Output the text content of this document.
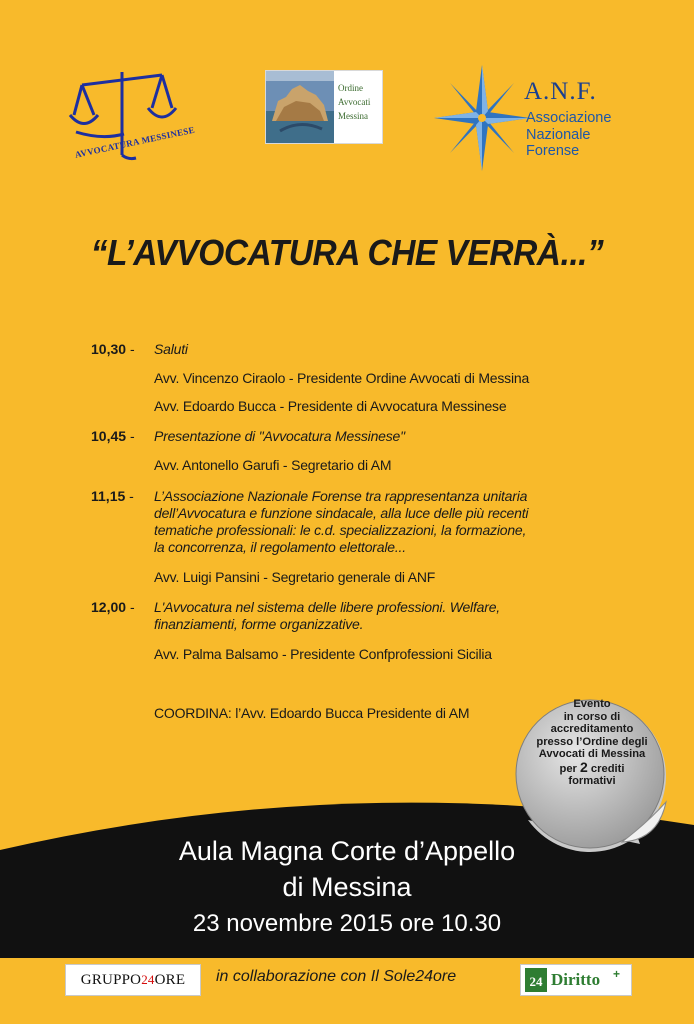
AVVOCATURA MESSINESE
Ordine
Avvocati
Messina
A.N.F.
Associazione
Nazionale
Forense
“L’AVVOCATURA CHE VERRÀ...”
10,30 - Saluti
Avv. Vincenzo Ciraolo - Presidente Ordine Avvocati di Messina
Avv. Edoardo Bucca - Presidente di Avvocatura Messinese
10,45 - Presentazione di "Avvocatura Messinese"
Avv. Antonello Garufi - Segretario di AM
11,15 - L’Associazione Nazionale Forense tra rappresentanza unitaria
dell’Avvocatura e funzione sindacale, alla luce delle più recenti
tematiche professionali: le c.d. specializzazioni, la formazione,
la concorrenza, il regolamento elettorale...
Avv. Luigi Pansini - Segretario generale di ANF
12,00 - L'Avvocatura nel sistema delle libere professioni. Welfare,
finanziamenti, forme organizzative.
Avv. Palma Balsamo - Presidente Confprofessioni Sicilia
COORDINA: l’Avv. Edoardo Bucca Presidente di AM
Evento
in corso di
accreditamento
presso l’Ordine degli
Avvocati di Messina
per 2 crediti
formativi
Aula Magna Corte d’Appello
di Messina
23 novembre 2015 ore 10.30
GRUPPO24ORE	in collaborazione con Il Sole24ore	24 Diritto +
